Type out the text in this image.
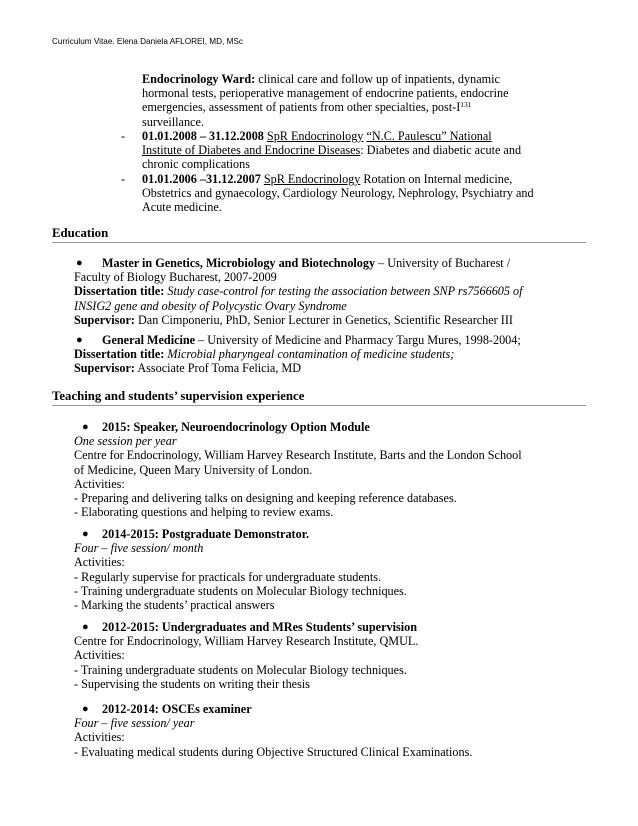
Curriculum Vitae. Elena Daniela AFLOREI, MD, MSc
Endocrinology Ward: clinical care and follow up of inpatients, dynamic
hormonal tests, perioperative management of endocrine patients, endocrine
emergencies, assessment of patients from other specialties, post-$I^{131}$
surveillance.
- 01.01.2008 – 31.12.2008 SpR Endocrinology “N.C. Paulescu” National
Institute of Diabetes and Endocrine Diseases: Diabetes and diabetic acute and
chronic complications
- 01.01.2006 –31.12.2007 SpR Endocrinology Rotation on Internal medicine,
Obstetrics and gynaecology, Cardiology Neurology, Nephrology, Psychiatry and
Acute medicine.
Education
●	Master in Genetics, Microbiology and Biotechnology – University of Bucharest /
Faculty of Biology Bucharest, 2007-2009
Dissertation title: Study case-control for testing the association between SNP rs7566605 of
INSIG2 gene and obesity of Polycystic Ovary Syndrome
Supervisor: Dan Cimponeriu, PhD, Senior Lecturer in Genetics, Scientific Researcher III
●	General Medicine – University of Medicine and Pharmacy Targu Mures, 1998-2004;
Dissertation title: Microbial pharyngeal contamination of medicine students;
Supervisor: Associate Prof Toma Felicia, MD
Teaching and students’ supervision experience
●	2015: Speaker, Neuroendocrinology Option Module
One session per year
Centre for Endocrinology, William Harvey Research Institute, Barts and the London School
of Medicine, Queen Mary University of London.
Activities:
- Preparing and delivering talks on designing and keeping reference databases.
- Elaborating questions and helping to review exams.
●	2014-2015: Postgraduate Demonstrator.
Four – five session/ month
Activities:
- Regularly supervise for practicals for undergraduate students.
- Training undergraduate students on Molecular Biology techniques.
- Marking the students’ practical answers
●	2012-2015: Undergraduates and MRes Students’ supervision
Centre for Endocrinology, William Harvey Research Institute, QMUL.
Activities:
- Training undergraduate students on Molecular Biology techniques.
- Supervising the students on writing their thesis
●	2012-2014: OSCEs examiner
Four – five session/ year
Activities:
- Evaluating medical students during Objective Structured Clinical Examinations.
